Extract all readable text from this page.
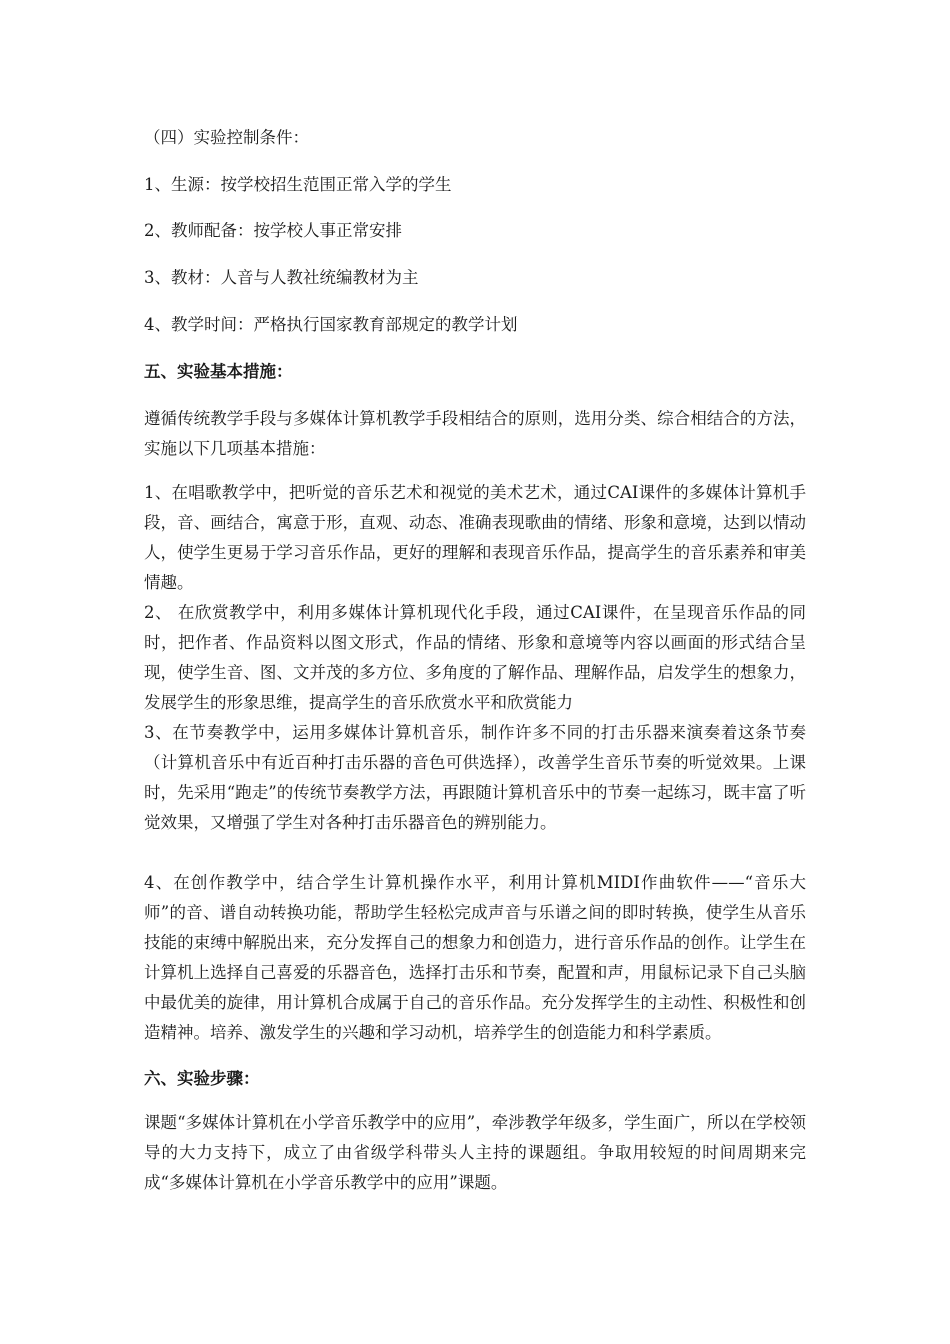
（四）实验控制条件：
1、生源：按学校招生范围正常入学的学生
2、教师配备：按学校人事正常安排
3、教材：人音与人教社统编教材为主
4、教学时间：严格执行国家教育部规定的教学计划
五、实验基本措施：
遵循传统教学手段与多媒体计算机教学手段相结合的原则，选用分类、综合相结合的方法，实施以下几项基本措施：
1、在唱歌教学中，把听觉的音乐艺术和视觉的美术艺术，通过CAI课件的多媒体计算机手段，音、画结合，寓意于形，直观、动态、准确表现歌曲的情绪、形象和意境，达到以情动人，使学生更易于学习音乐作品，更好的理解和表现音乐作品，提高学生的音乐素养和审美情趣。
2、 在欣赏教学中，利用多媒体计算机现代化手段，通过CAI课件，在呈现音乐作品的同时，把作者、作品资料以图文形式，作品的情绪、形象和意境等内容以画面的形式结合呈现，使学生音、图、文并茂的多方位、多角度的了解作品、理解作品，启发学生的想象力，发展学生的形象思维，提高学生的音乐欣赏水平和欣赏能力
3、在节奏教学中，运用多媒体计算机音乐，制作许多不同的打击乐器来演奏着这条节奏（计算机音乐中有近百种打击乐器的音色可供选择），改善学生音乐节奏的听觉效果。上课时，先采用“跑走”的传统节奏教学方法，再跟随计算机音乐中的节奏一起练习，既丰富了听觉效果，又增强了学生对各种打击乐器音色的辨别能力。
4、在创作教学中，结合学生计算机操作水平，利用计算机MIDI作曲软件——“音乐大师”的音、谱自动转换功能，帮助学生轻松完成声音与乐谱之间的即时转换，使学生从音乐技能的束缚中解脱出来，充分发挥自己的想象力和创造力，进行音乐作品的创作。让学生在计算机上选择自己喜爱的乐器音色，选择打击乐和节奏，配置和声，用鼠标记录下自己头脑中最优美的旋律，用计算机合成属于自己的音乐作品。充分发挥学生的主动性、积极性和创造精神。培养、激发学生的兴趣和学习动机，培养学生的创造能力和科学素质。
六、实验步骤：
课题“多媒体计算机在小学音乐教学中的应用”，牵涉教学年级多，学生面广，所以在学校领导的大力支持下，成立了由省级学科带头人主持的课题组。争取用较短的时间周期来完成“多媒体计算机在小学音乐教学中的应用”课题。
